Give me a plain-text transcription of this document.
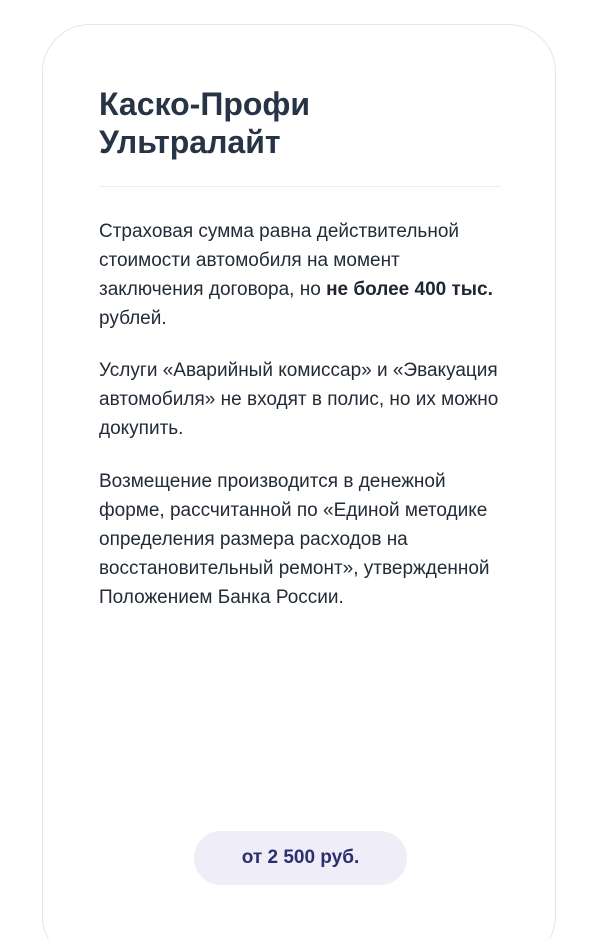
Каско-Профи
Ультралайт

Страховая сумма равна действительной стоимости автомобиля на момент заключения договора, но не более 400 тыс. рублей.

Услуги «Аварийный комиссар» и «Эвакуация автомобиля» не входят в полис, но их можно докупить.

Возмещение производится в денежной форме, рассчитанной по «Единой методике определения размера расходов на восстановительный ремонт», утвержденной Положением Банка России.

от 2 500 руб.
